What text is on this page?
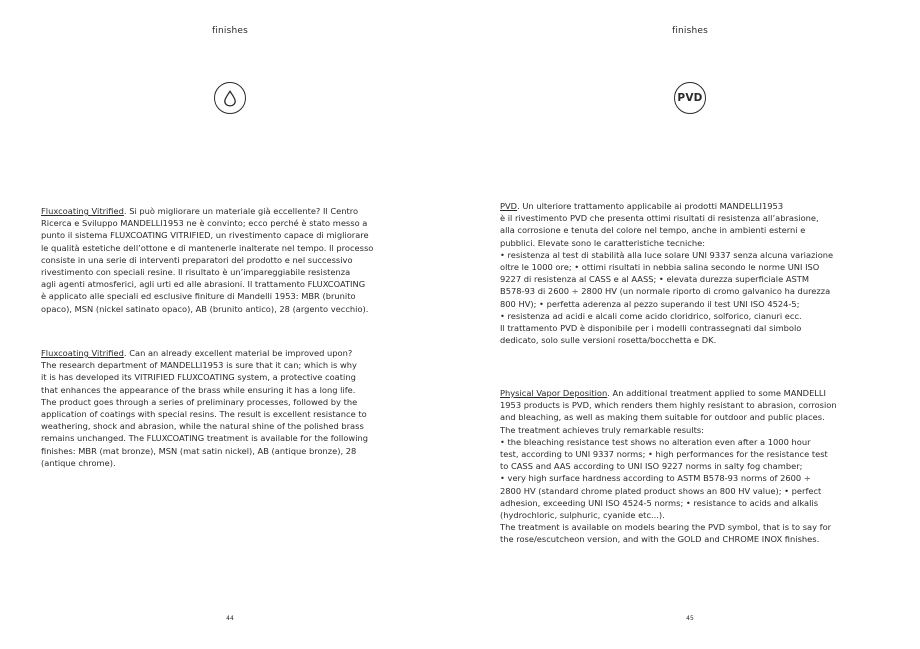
finishes
Fluxcoating Vitrified. Si può migliorare un materiale già eccellente? Il Centro
Ricerca e Sviluppo MANDELLI1953 ne è convinto; ecco perché è stato messo a
punto il sistema FLUXCOATING VITRIFIED, un rivestimento capace di migliorare
le qualità estetiche dell’ottone e di mantenerle inalterate nel tempo. Il processo
consiste in una serie di interventi preparatori del prodotto e nel successivo
rivestimento con speciali resine. Il risultato è un’impareggiabile resistenza
agli agenti atmosferici, agli urti ed alle abrasioni. Il trattamento FLUXCOATING
è applicato alle speciali ed esclusive finiture di Mandelli 1953: MBR (brunito
opaco), MSN (nickel satinato opaco), AB (brunito antico), 28 (argento vecchio).
Fluxcoating Vitrified. Can an already excellent material be improved upon?
The research department of MANDELLI1953 is sure that it can; which is why
it is has developed its VITRIFIED FLUXCOATING system, a protective coating
that enhances the appearance of the brass while ensuring it has a long life.
The product goes through a series of preliminary processes, followed by the
application of coatings with special resins. The result is excellent resistance to
weathering, shock and abrasion, while the natural shine of the polished brass
remains unchanged. The FLUXCOATING treatment is available for the following
finishes: MBR (mat bronze), MSN (mat satin nickel), AB (antique bronze), 28
(antique chrome).
44
finishes
PVD
PVD. Un ulteriore trattamento applicabile ai prodotti MANDELLI1953
è il rivestimento PVD che presenta ottimi risultati di resistenza all’abrasione,
alla corrosione e tenuta del colore nel tempo, anche in ambienti esterni e
pubblici. Elevate sono le caratteristiche tecniche:
• resistenza al test di stabilità alla luce solare UNI 9337 senza alcuna variazione
oltre le 1000 ore; • ottimi risultati in nebbia salina secondo le norme UNI ISO
9227 di resistenza al CASS e al AASS; • elevata durezza superficiale ASTM
B578-93 di 2600 ÷ 2800 HV (un normale riporto di cromo galvanico ha durezza
800 HV); • perfetta aderenza al pezzo superando il test UNI ISO 4524-5;
• resistenza ad acidi e alcali come acido cloridrico, solforico, cianuri ecc.
Il trattamento PVD è disponibile per i modelli contrassegnati dal simbolo
dedicato, solo sulle versioni rosetta/bocchetta e DK.
Physical Vapor Deposition. An additional treatment applied to some MANDELLI
1953 products is PVD, which renders them highly resistant to abrasion, corrosion
and bleaching, as well as making them suitable for outdoor and public places.
The treatment achieves truly remarkable results:
• the bleaching resistance test shows no alteration even after a 1000 hour
test, according to UNI 9337 norms; • high performances for the resistance test
to CASS and AAS according to UNI ISO 9227 norms in salty fog chamber;
• very high surface hardness according to ASTM B578-93 norms of 2600 ÷
2800 HV (standard chrome plated product shows an 800 HV value); • perfect
adhesion, exceeding UNI ISO 4524-5 norms; • resistance to acids and alkalis
(hydrochloric, sulphuric, cyanide etc...).
The treatment is available on models bearing the PVD symbol, that is to say for
the rose/escutcheon version, and with the GOLD and CHROME INOX finishes.
45
